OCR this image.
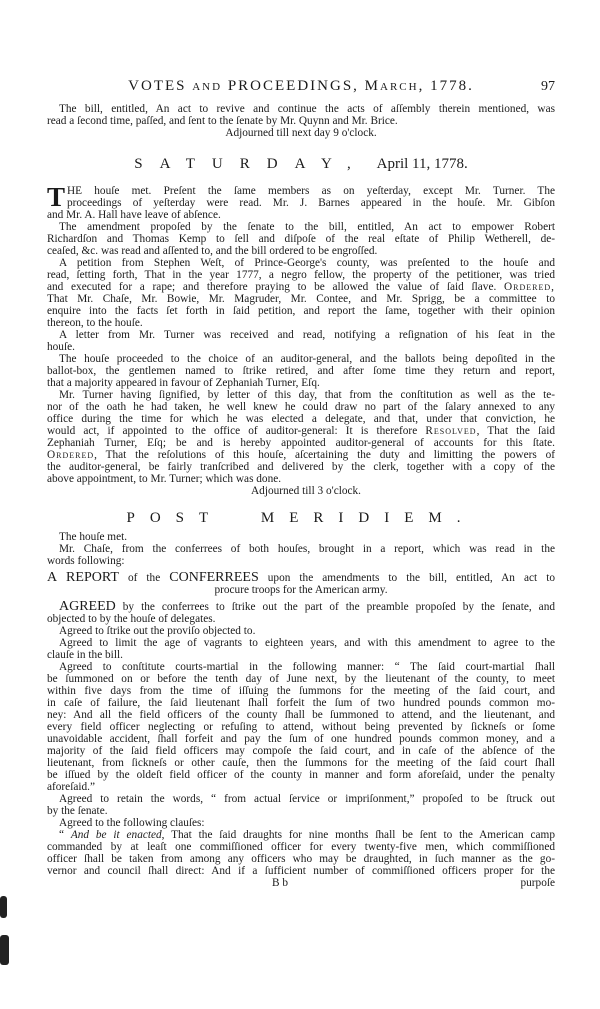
VOTES and PROCEEDINGS, March, 1778.	97
The bill, entitled, An act to revive and continue the acts of aſſembly therein mentioned, was
read a ſecond time, paſſed, and ſent to the ſenate by Mr. Quynn and Mr. Brice.
Adjourned till next day 9 o'clock.
SATURDAY, April 11, 1778.
T HE houſe met. Preſent the ſame members as on yeſterday, except Mr. Turner. The
proceedings of yeſterday were read. Mr. J. Barnes appeared in the houſe. Mr. Gibſon
and Mr. A. Hall have leave of abſence.
The amendment propoſed by the ſenate to the bill, entitled, An act to empower Robert
Richardſon and Thomas Kemp to ſell and diſpoſe of the real eſtate of Philip Wetherell, de-
ceaſed, &c. was read and aſſented to, and the bill ordered to be engroſſed.
A petition from Stephen Weſt, of Prince-George's county, was preſented to the houſe and
read, ſetting forth, That in the year 1777, a negro fellow, the property of the petitioner, was tried
and executed for a rape; and therefore praying to be allowed the value of ſaid ſlave. Ordered,
That Mr. Chaſe, Mr. Bowie, Mr. Magruder, Mr. Contee, and Mr. Sprigg, be a committee to
enquire into the facts ſet forth in ſaid petition, and report the ſame, together with their opinion
thereon, to the houſe.
A letter from Mr. Turner was received and read, notifying a reſignation of his ſeat in the
houſe.
The houſe proceeded to the choice of an auditor-general, and the ballots being depoſited in the
ballot-box, the gentlemen named to ſtrike retired, and after ſome time they return and report,
that a majority appeared in favour of Zephaniah Turner, Eſq.
Mr. Turner having ſignified, by letter of this day, that from the conſtitution as well as the te-
nor of the oath he had taken, he well knew he could draw no part of the ſalary annexed to any
office during the time for which he was elected a delegate, and that, under that conviction, he
would act, if appointed to the office of auditor-general: It is therefore Resolved, That the ſaid
Zephaniah Turner, Eſq; be and is hereby appointed auditor-general of accounts for this ſtate.
Ordered, That the reſolutions of this houſe, aſcertaining the duty and limitting the powers of
the auditor-general, be fairly tranſcribed and delivered by the clerk, together with a copy of the
above appointment, to Mr. Turner; which was done.
Adjourned till 3 o'clock.
POST	MERIDIEM.
The houſe met.
Mr. Chaſe, from the conferrees of both houſes, brought in a report, which was read in the
words following:
A REPORT of the CONFERREES upon the amendments to the bill, entitled, An act to
procure troops for the American army.
AGREED by the conferrees to ſtrike out the part of the preamble propoſed by the ſenate, and
objected to by the houſe of delegates.
Agreed to ſtrike out the proviſo objected to.
Agreed to limit the age of vagrants to eighteen years, and with this amendment to agree to the
clauſe in the bill.
Agreed to conſtitute courts-martial in the following manner: “ The ſaid court-martial ſhall
be ſummoned on or before the tenth day of June next, by the lieutenant of the county, to meet
within five days from the time of iſſuing the ſummons for the meeting of the ſaid court, and
in caſe of failure, the ſaid lieutenant ſhall forfeit the ſum of two hundred pounds common mo-
ney: And all the field officers of the county ſhall be ſummoned to attend, and the lieutenant, and
every field officer neglecting or refuſing to attend, without being prevented by ſickneſs or ſome
unavoidable accident, ſhall forfeit and pay the ſum of one hundred pounds common money, and a
majority of the ſaid field officers may compoſe the ſaid court, and in caſe of the abſence of the
lieutenant, from ſickneſs or other cauſe, then the ſummons for the meeting of the ſaid court ſhall
be iſſued by the oldeſt field officer of the county in manner and form aforeſaid, under the penalty
aforeſaid.”
Agreed to retain the words, “ from actual ſervice or impriſonment,” propoſed to be ſtruck out
by the ſenate.
Agreed to the following clauſes:
“ And be it enacted, That the ſaid draughts for nine months ſhall be ſent to the American camp
commanded by at leaſt one commiſſioned officer for every twenty-five men, which commiſſioned
officer ſhall be taken from among any officers who may be draughted, in ſuch manner as the go-
vernor and council ſhall direct: And if a ſufficient number of commiſſioned officers proper for the
B b	purpoſe
